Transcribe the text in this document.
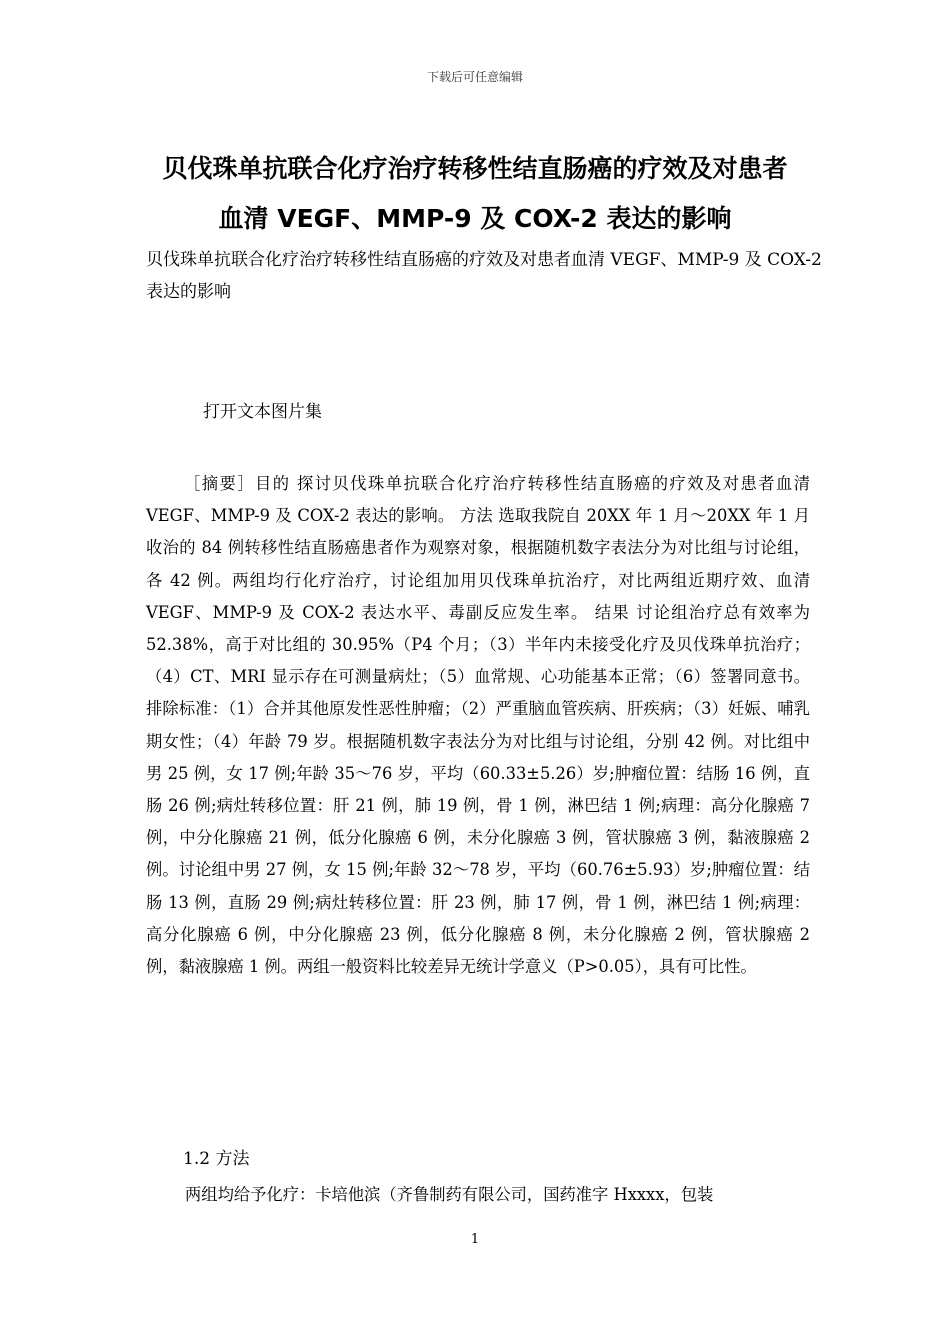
下载后可任意编辑
贝伐珠单抗联合化疗治疗转移性结直肠癌的疗效及对患者
血清 VEGF、MMP-9 及 COX-2 表达的影响
贝伐珠单抗联合化疗治疗转移性结直肠癌的疗效及对患者血清 VEGF、MMP-9 及 COX-2 表达的影响
打开文本图片集

［摘要］目的 探讨贝伐珠单抗联合化疗治疗转移性结直肠癌的疗效及对患者血清 VEGF、MMP-9 及 COX-2 表达的影响。 方法 选取我院自 20XX 年 1 月～20XX 年 1 月收治的 84 例转移性结直肠癌患者作为观察对象，根据随机数字表法分为对比组与讨论组，各 42 例。两组均行化疗治疗，讨论组加用贝伐珠单抗治疗，对比两组近期疗效、血清 VEGF、MMP-9 及 COX-2 表达水平、毒副反应发生率。 结果 讨论组治疗总有效率为 52.38%，高于对比组的 30.95%（P4 个月；（3）半年内未接受化疗及贝伐珠单抗治疗；（4）CT、MRI 显示存在可测量病灶；（5）血常规、心功能基本正常；（6）签署同意书。排除标准：（1）合并其他原发性恶性肿瘤；（2）严重脑血管疾病、肝疾病；（3）妊娠、哺乳期女性；（4）年龄 79 岁。根据随机数字表法分为对比组与讨论组，分别 42 例。对比组中男 25 例，女 17 例;年龄 35～76 岁，平均（60.33±5.26）岁;肿瘤位置：结肠 16 例，直肠 26 例;病灶转移位置：肝 21 例，肺 19 例，骨 1 例，淋巴结 1 例;病理：高分化腺癌 7 例，中分化腺癌 21 例，低分化腺癌 6 例，未分化腺癌 3 例，管状腺癌 3 例，黏液腺癌 2 例。讨论组中男 27 例，女 15 例;年龄 32～78 岁，平均（60.76±5.93）岁;肿瘤位置：结肠 13 例，直肠 29 例;病灶转移位置：肝 23 例，肺 17 例，骨 1 例，淋巴结 1 例;病理：高分化腺癌 6 例，中分化腺癌 23 例，低分化腺癌 8 例，未分化腺癌 2 例，管状腺癌 2 例，黏液腺癌 1 例。两组一般资料比较差异无统计学意义（P>0.05），具有可比性。

1.2 方法
两组均给予化疗：卡培他滨（齐鲁制药有限公司，国药准字 Hxxxx，包装
1
